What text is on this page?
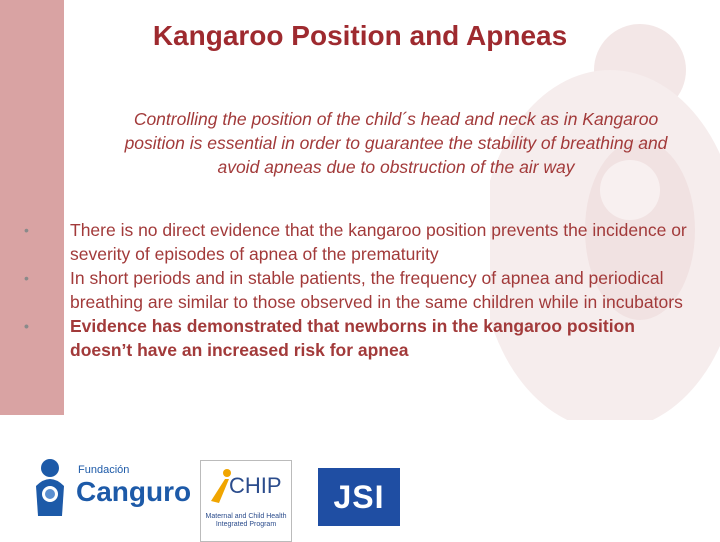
Kangaroo Position and Apneas
Controlling the position of the child´s head and neck as in Kangaroo position is essential in order to guarantee the stability of breathing and avoid apneas due to obstruction of the air way
•	There is no direct evidence that the kangaroo position prevents the incidence or severity of episodes of apnea of the prematurity
•	In short periods and in stable patients, the frequency of apnea and periodical breathing are similar to those observed in the same children while in incubators
•	Evidence has demonstrated that newborns in the kangaroo position doesn’t have an increased risk for apnea
Fundación
Canguro CHIP
Maternal and Child Health Integrated Program
JSI
